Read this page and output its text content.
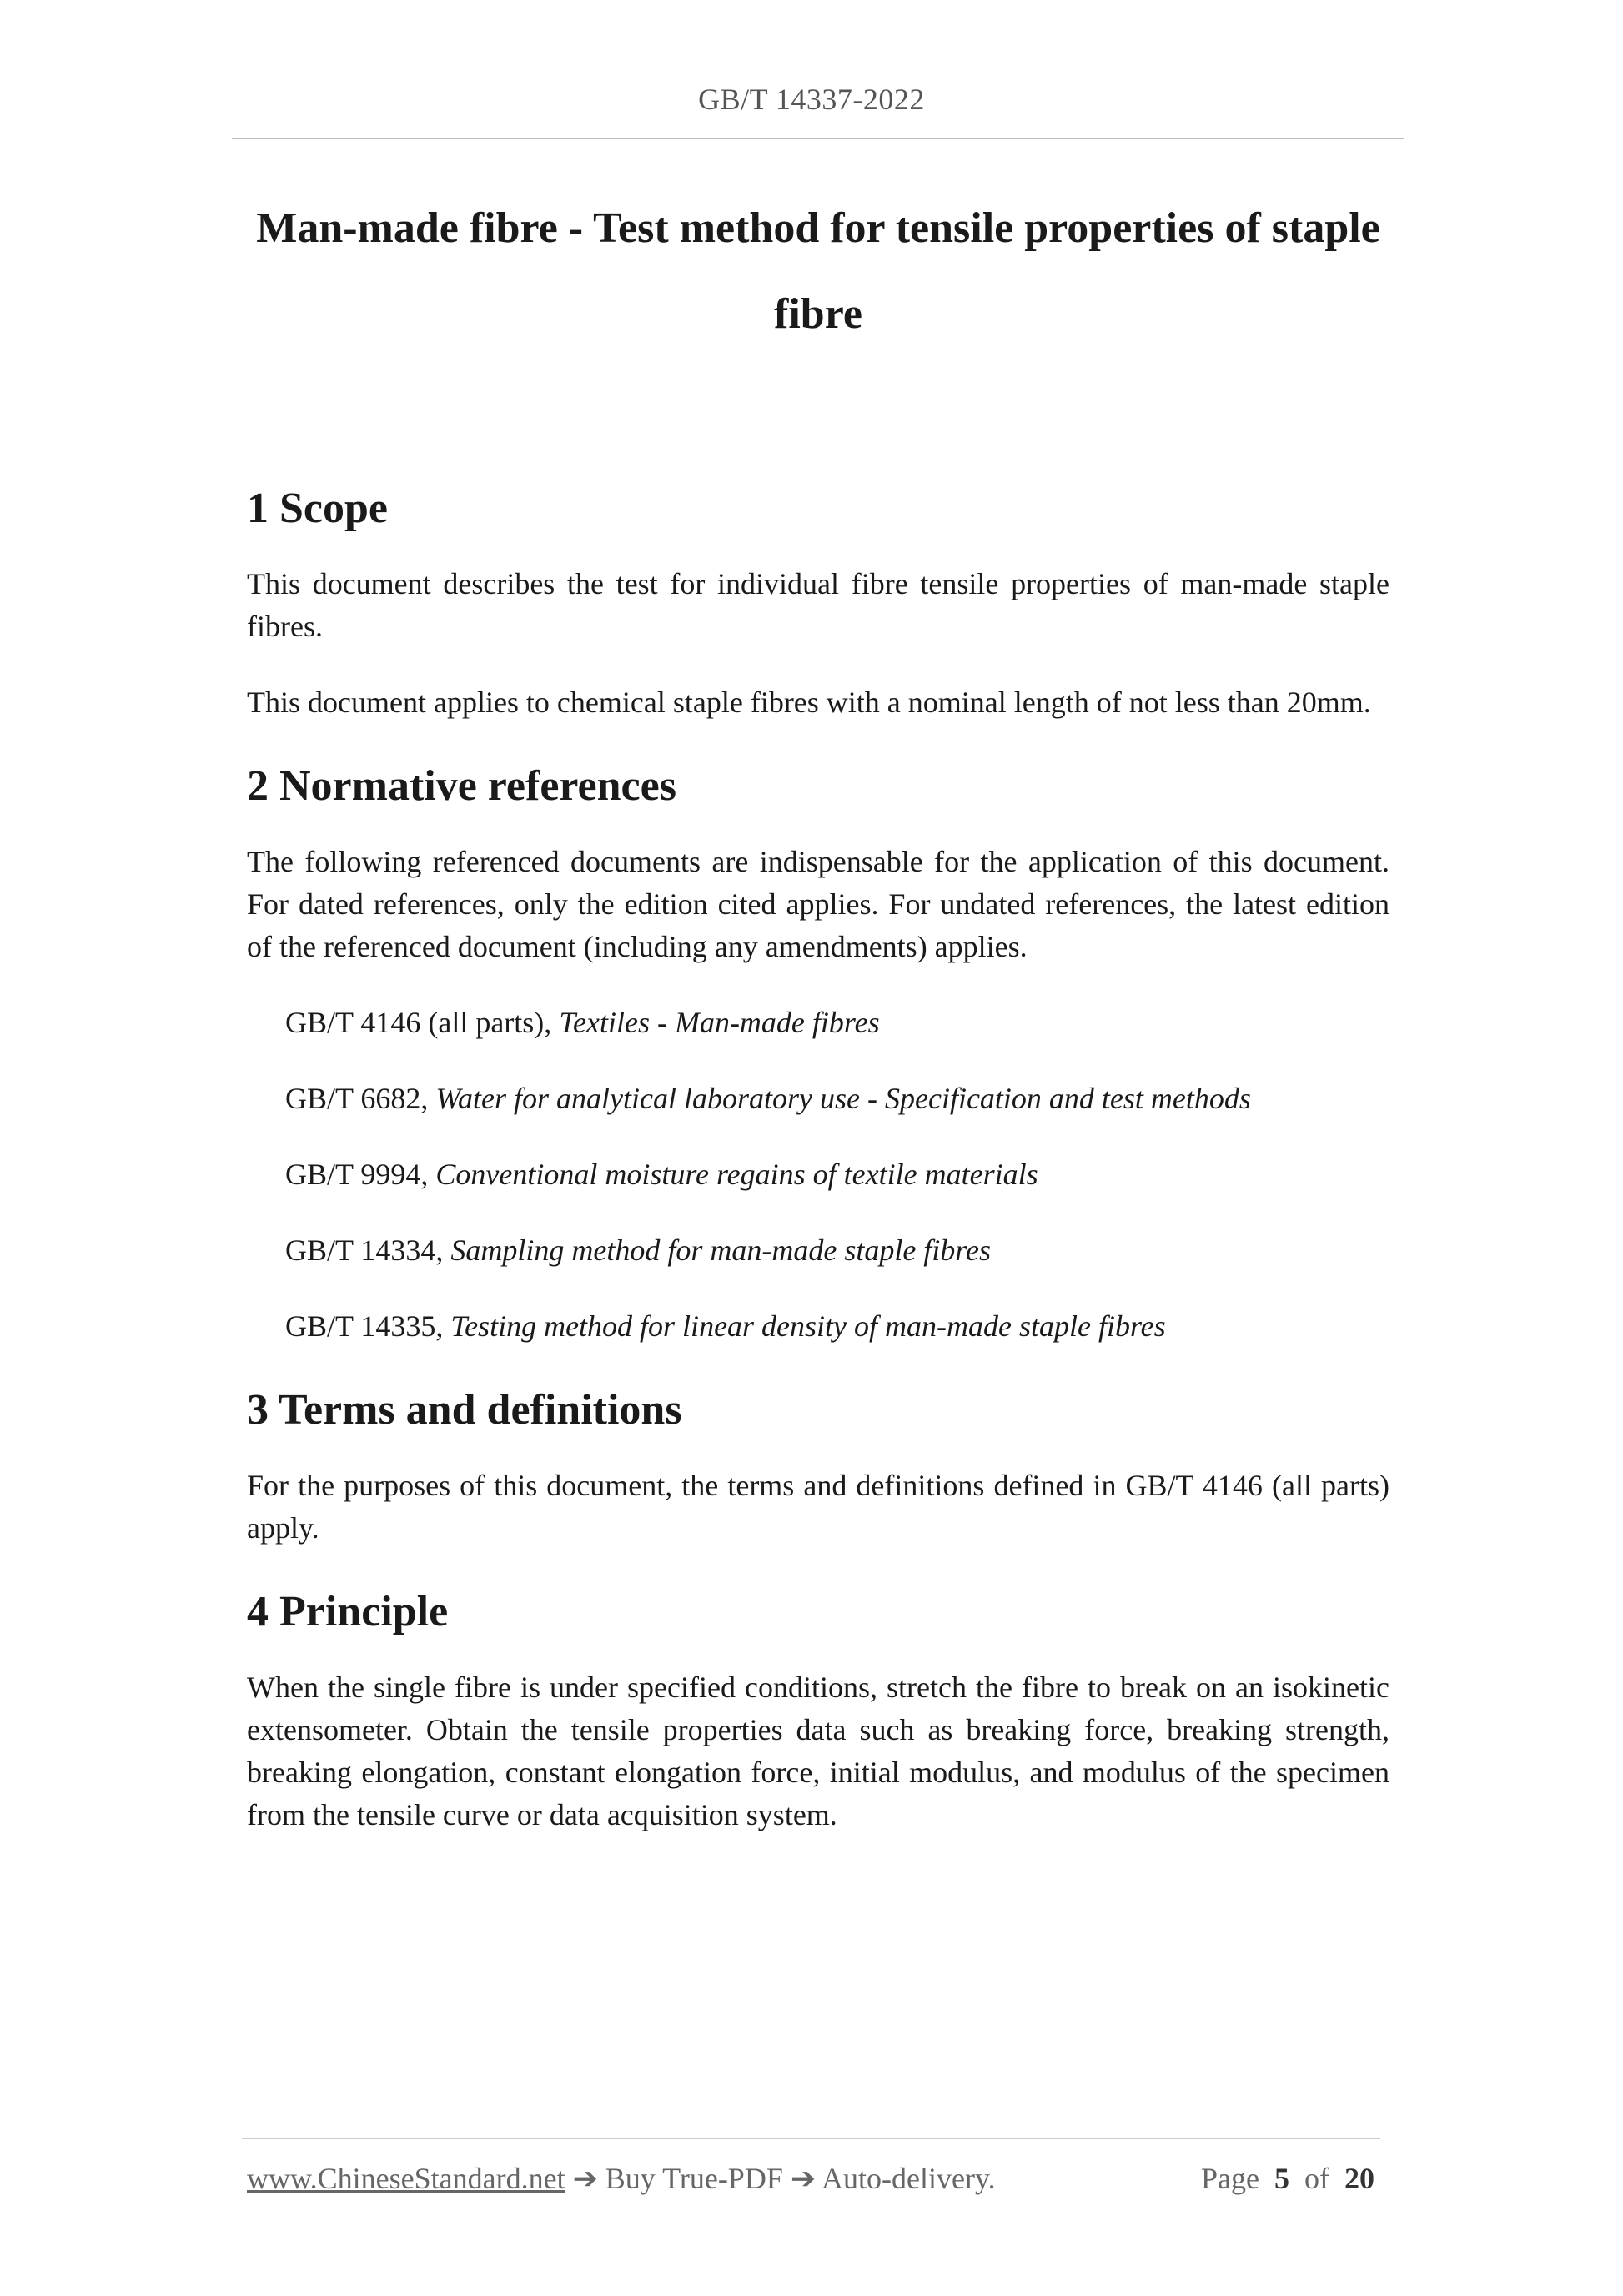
GB/T 14337-2022
Man-made fibre - Test method for tensile properties of staple fibre
1 Scope

This document describes the test for individual fibre tensile properties of man-made staple fibres.

This document applies to chemical staple fibres with a nominal length of not less than 20mm.

2 Normative references

The following referenced documents are indispensable for the application of this document. For dated references, only the edition cited applies. For undated references, the latest edition of the referenced document (including any amendments) applies.

GB/T 4146 (all parts), Textiles - Man-made fibres
GB/T 6682, Water for analytical laboratory use - Specification and test methods
GB/T 9994, Conventional moisture regains of textile materials
GB/T 14334, Sampling method for man-made staple fibres
GB/T 14335, Testing method for linear density of man-made staple fibres
3 Terms and definitions

For the purposes of this document, the terms and definitions defined in GB/T 4146 (all parts) apply.

4 Principle

When the single fibre is under specified conditions, stretch the fibre to break on an isokinetic extensometer. Obtain the tensile properties data such as breaking force, breaking strength, breaking elongation, constant elongation force, initial modulus, and modulus of the specimen from the tensile curve or data acquisition system.

www.ChineseStandard.net ➔ Buy True-PDF ➔ Auto-delivery.	Page 5 of 20
